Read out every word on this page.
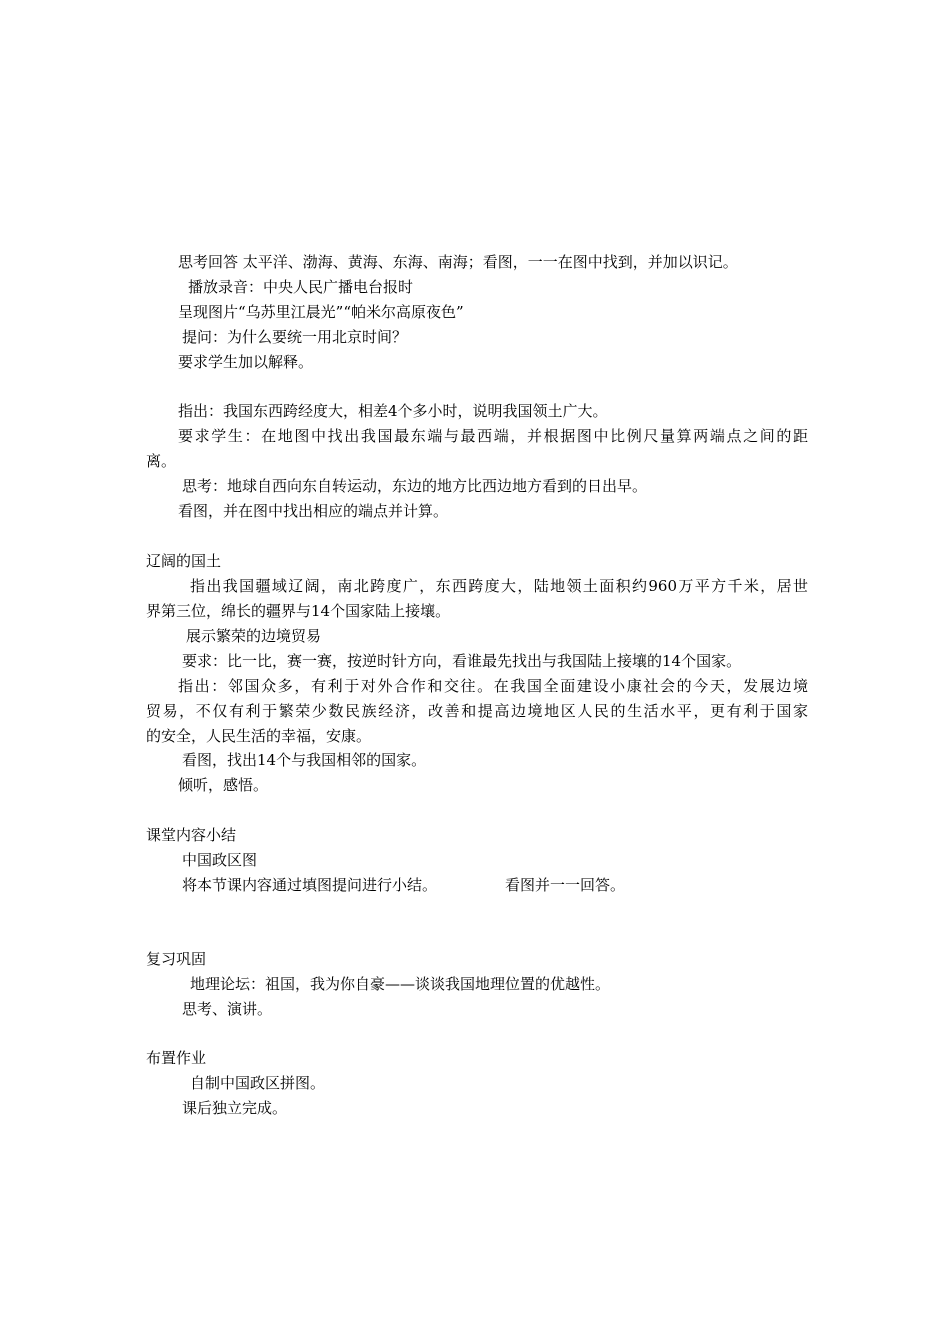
思考回答 太平洋、渤海、黄海、东海、南海；看图，一一在图中找到，并加以识记。
播放录音：中央人民广播电台报时
呈现图片“乌苏里江晨光”“帕米尔高原夜色”
提问：为什么要统一用北京时间？
要求学生加以解释。
指出：我国东西跨经度大，相差4个多小时，说明我国领土广大。
要求学生：在地图中找出我国最东端与最西端，并根据图中比例尺量算两端点之间的距
离。
思考：地球自西向东自转运动，东边的地方比西边地方看到的日出早。
看图，并在图中找出相应的端点并计算。
辽阔的国土
指出我国疆域辽阔，南北跨度广，东西跨度大，陆地领土面积约960万平方千米，居世
界第三位，绵长的疆界与14个国家陆上接壤。
展示繁荣的边境贸易
要求：比一比，赛一赛，按逆时针方向，看谁最先找出与我国陆上接壤的14个国家。
指出：邻国众多，有利于对外合作和交往。在我国全面建设小康社会的今天，发展边境
贸易，不仅有利于繁荣少数民族经济，改善和提高边境地区人民的生活水平，更有利于国家
的安全，人民生活的幸福，安康。
看图，找出14个与我国相邻的国家。
倾听，感悟。
课堂内容小结
中国政区图
将本节课内容通过填图提问进行小结。	看图并一一回答。
复习巩固
地理论坛：祖国，我为你自豪——谈谈我国地理位置的优越性。
思考、演讲。
布置作业
自制中国政区拼图。
课后独立完成。
